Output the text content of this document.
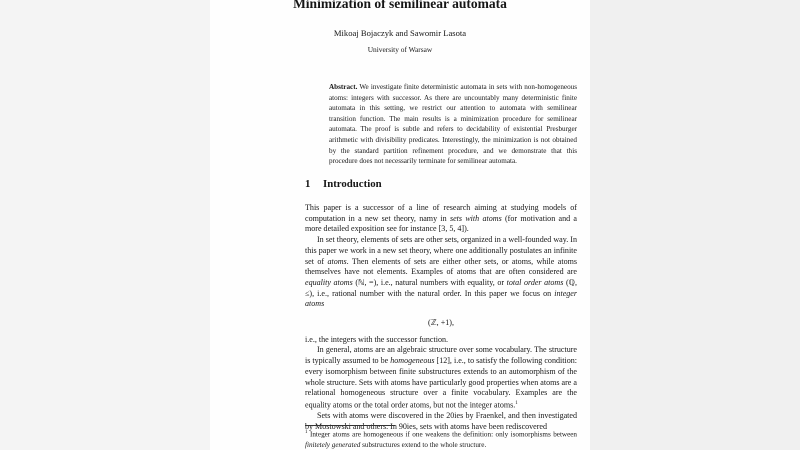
Minimization of semilinear automata
Mikoaj Bojaczyk and Sawomir Lasota
University of Warsaw
Abstract. We investigate finite deterministic automata in sets with non-homogeneous atoms: integers with successor. As there are uncountably many deterministic finite automata in this setting, we restrict our attention to automata with semilinear transition function. The main results is a minimization procedure for semilinear automata. The proof is subtle and refers to decidability of existential Presburger arithmetic with divisibility predicates. Interestingly, the minimization is not obtained by the standard partition refinement procedure, and we demonstrate that this procedure does not necessarily terminate for semilinear automata.
1 Introduction

This paper is a successor of a line of research aiming at studying models of computation in a new set theory, namy in sets with atoms (for motivation and a more detailed exposition see for instance [3, 5, 4]).

In set theory, elements of sets are other sets, organized in a well-founded way. In this paper we work in a new set theory, where one additionally postulates an infinite set of atoms. Then elements of sets are either other sets, or atoms, while atoms themselves have not elements. Examples of atoms that are often considered are equality atoms (ℕ, =), i.e., natural numbers with equality, or total order atoms (ℚ, ≤), i.e., rational number with the natural order. In this paper we focus on integer atoms

(ℤ, +1),

i.e., the integers with the successor function.

In general, atoms are an algebraic structure over some vocabulary. The structure is typically assumed to be homogeneous [12], i.e., to satisfy the following condition: every isomorphism between finite substructures extends to an automorphism of the whole structure. Sets with atoms have particularly good properties when atoms are a relational homogeneous structure over a finite vocabulary. Examples are the equality atoms or the total order atoms, but not the integer atoms.$^1$

Sets with atoms were discovered in the 20ies by Fraenkel, and then investigated by Mostowski and others. In 90ies, sets with atoms have been rediscovered

$^1$ Integer atoms are homogeneous if one weakens the definition: only isomorphisms between finitetely generated substructures extend to the whole structure.
